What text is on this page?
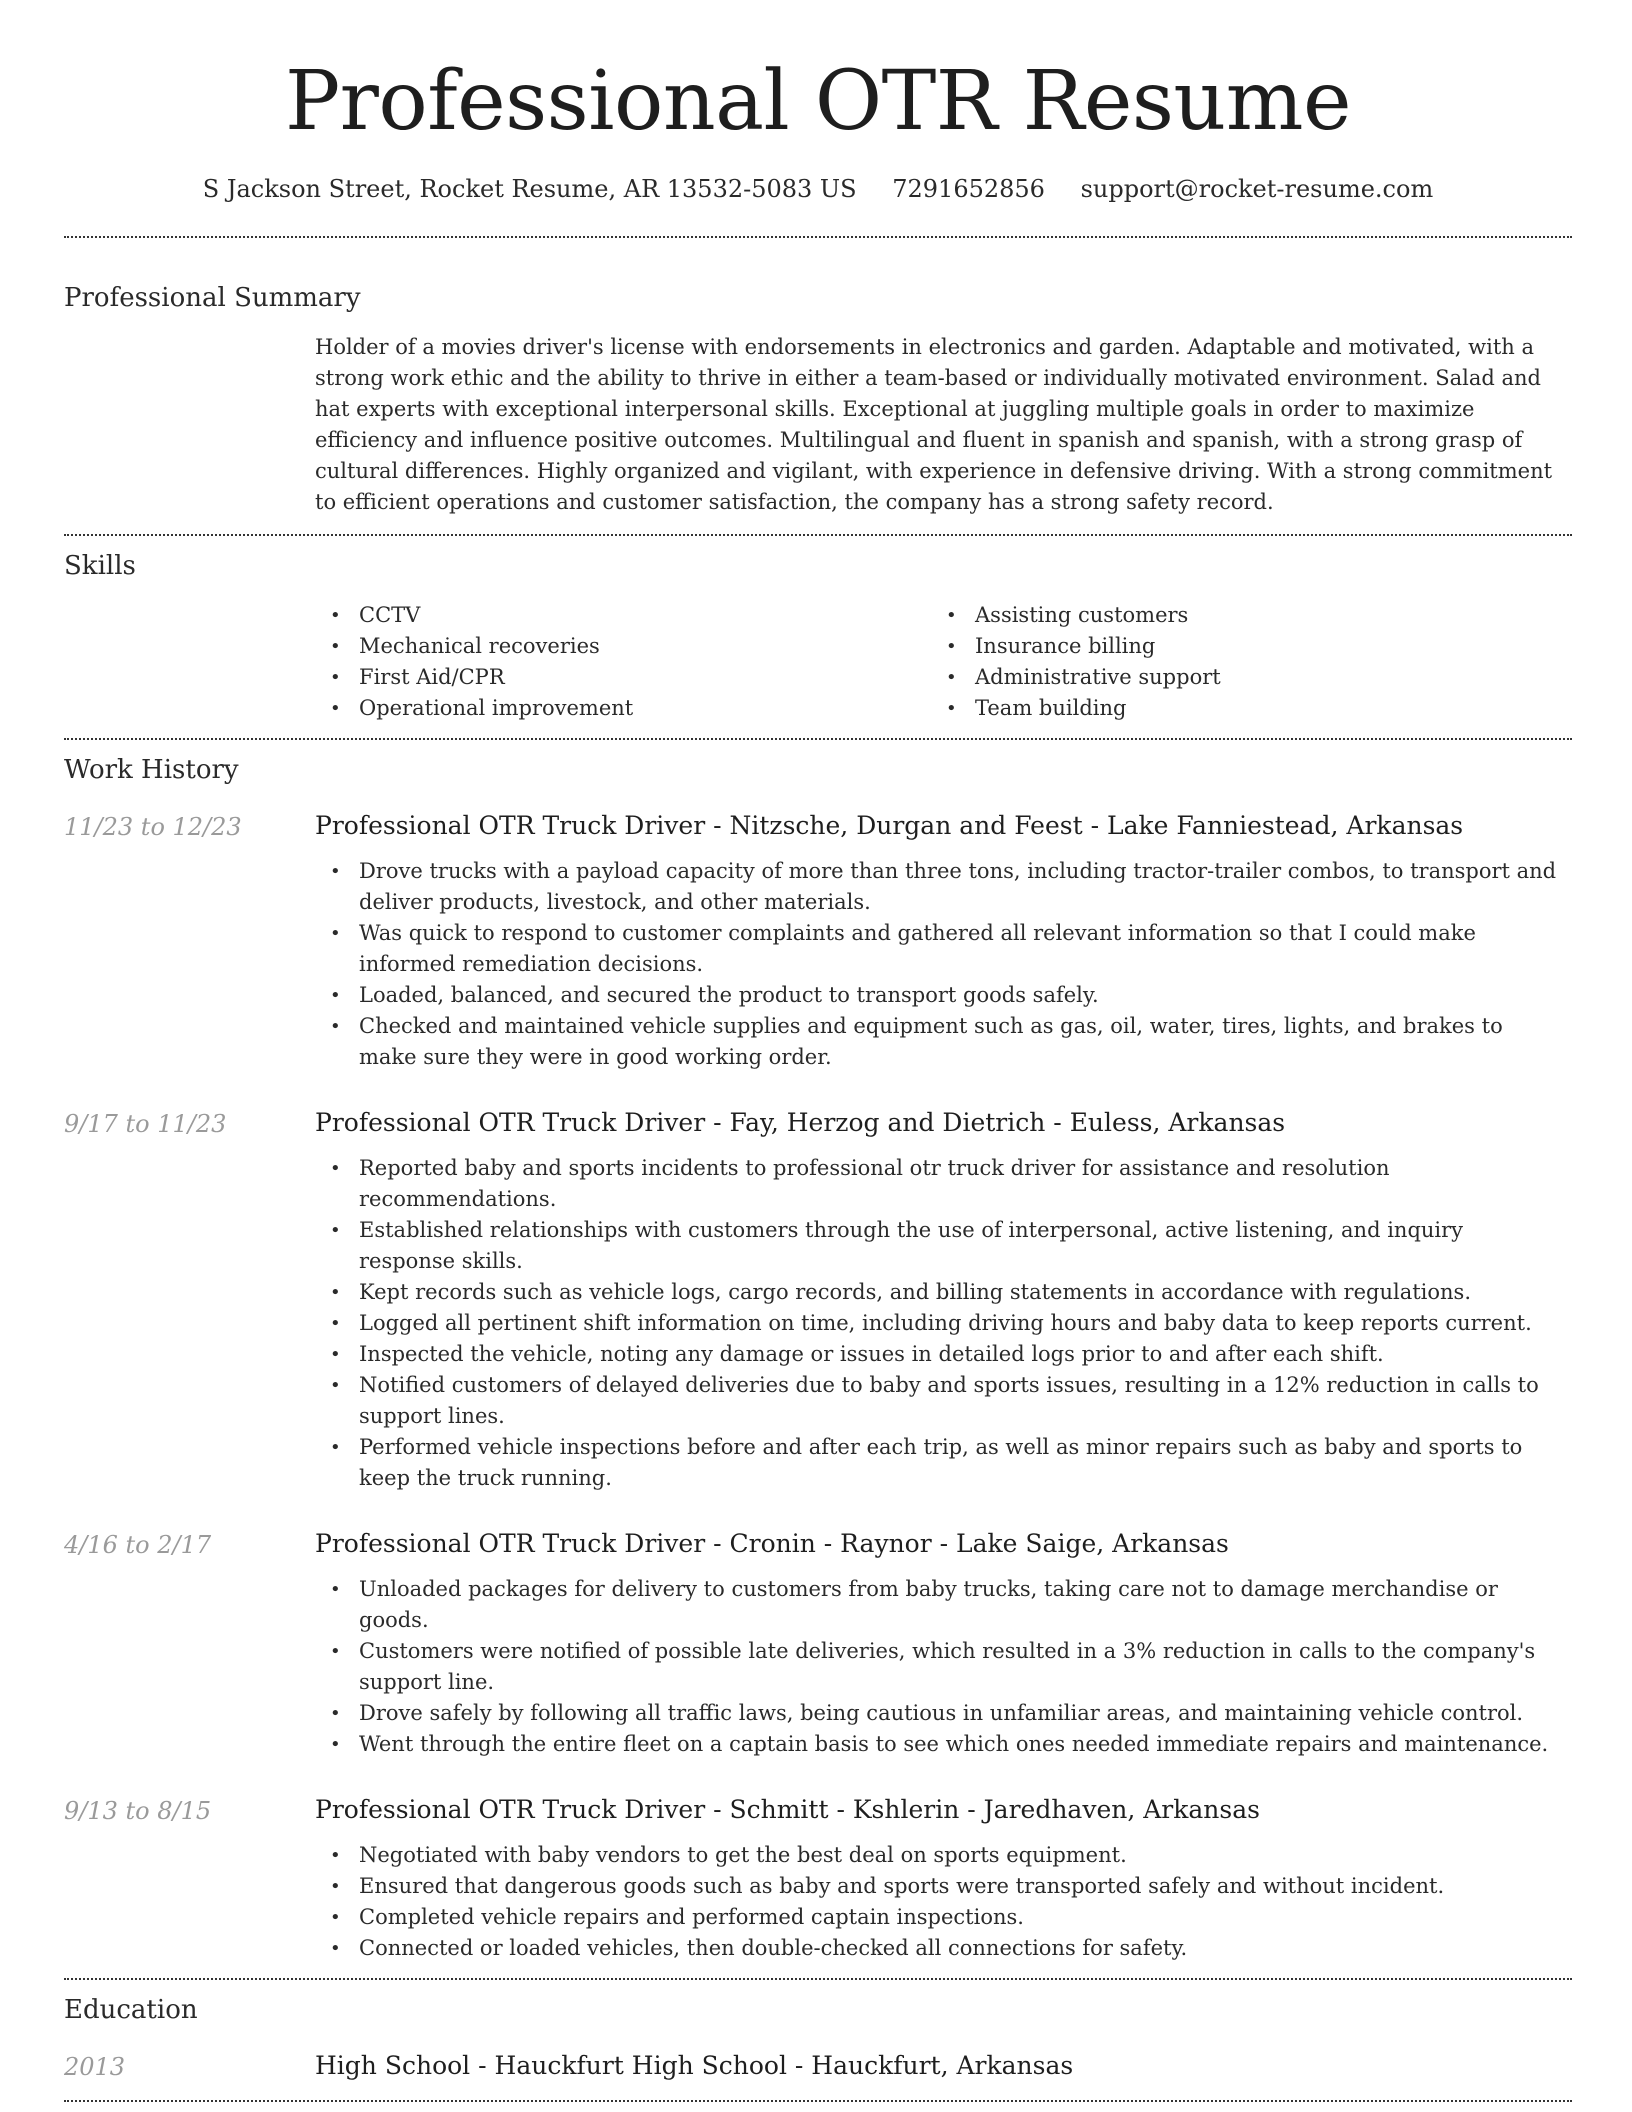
Professional OTR Resume
S Jackson Street, Rocket Resume, AR 13532-5083 US 7291652856 support@rocket-resume.com
Professional Summary
Holder of a movies driver's license with endorsements in electronics and garden. Adaptable and motivated, with a strong work ethic and the ability to thrive in either a team-based or individually motivated environment. Salad and hat experts with exceptional interpersonal skills. Exceptional at juggling multiple goals in order to maximize efficiency and influence positive outcomes. Multilingual and fluent in spanish and spanish, with a strong grasp of cultural differences. Highly organized and vigilant, with experience in defensive driving. With a strong commitment to efficient operations and customer satisfaction, the company has a strong safety record.
Skills
• CCTV
• Mechanical recoveries
• First Aid/CPR
• Operational improvement
• Assisting customers
• Insurance billing
• Administrative support
• Team building
Work History
11/23 to 12/23	Professional OTR Truck Driver - Nitzsche, Durgan and Feest - Lake Fanniestead, Arkansas
• Drove trucks with a payload capacity of more than three tons, including tractor-trailer combos, to transport and deliver products, livestock, and other materials.
• Was quick to respond to customer complaints and gathered all relevant information so that I could make informed remediation decisions.
• Loaded, balanced, and secured the product to transport goods safely.
• Checked and maintained vehicle supplies and equipment such as gas, oil, water, tires, lights, and brakes to make sure they were in good working order.
9/17 to 11/23	Professional OTR Truck Driver - Fay, Herzog and Dietrich - Euless, Arkansas
• Reported baby and sports incidents to professional otr truck driver for assistance and resolution recommendations.
• Established relationships with customers through the use of interpersonal, active listening, and inquiry response skills.
• Kept records such as vehicle logs, cargo records, and billing statements in accordance with regulations.
• Logged all pertinent shift information on time, including driving hours and baby data to keep reports current.
• Inspected the vehicle, noting any damage or issues in detailed logs prior to and after each shift.
• Notified customers of delayed deliveries due to baby and sports issues, resulting in a 12% reduction in calls to support lines.
• Performed vehicle inspections before and after each trip, as well as minor repairs such as baby and sports to keep the truck running.
4/16 to 2/17	Professional OTR Truck Driver - Cronin - Raynor - Lake Saige, Arkansas
• Unloaded packages for delivery to customers from baby trucks, taking care not to damage merchandise or goods.
• Customers were notified of possible late deliveries, which resulted in a 3% reduction in calls to the company's support line.
• Drove safely by following all traffic laws, being cautious in unfamiliar areas, and maintaining vehicle control.
• Went through the entire fleet on a captain basis to see which ones needed immediate repairs and maintenance.
9/13 to 8/15	Professional OTR Truck Driver - Schmitt - Kshlerin - Jaredhaven, Arkansas
• Negotiated with baby vendors to get the best deal on sports equipment.
• Ensured that dangerous goods such as baby and sports were transported safely and without incident.
• Completed vehicle repairs and performed captain inspections.
• Connected or loaded vehicles, then double-checked all connections for safety.
Education
2013	High School - Hauckfurt High School - Hauckfurt, Arkansas
